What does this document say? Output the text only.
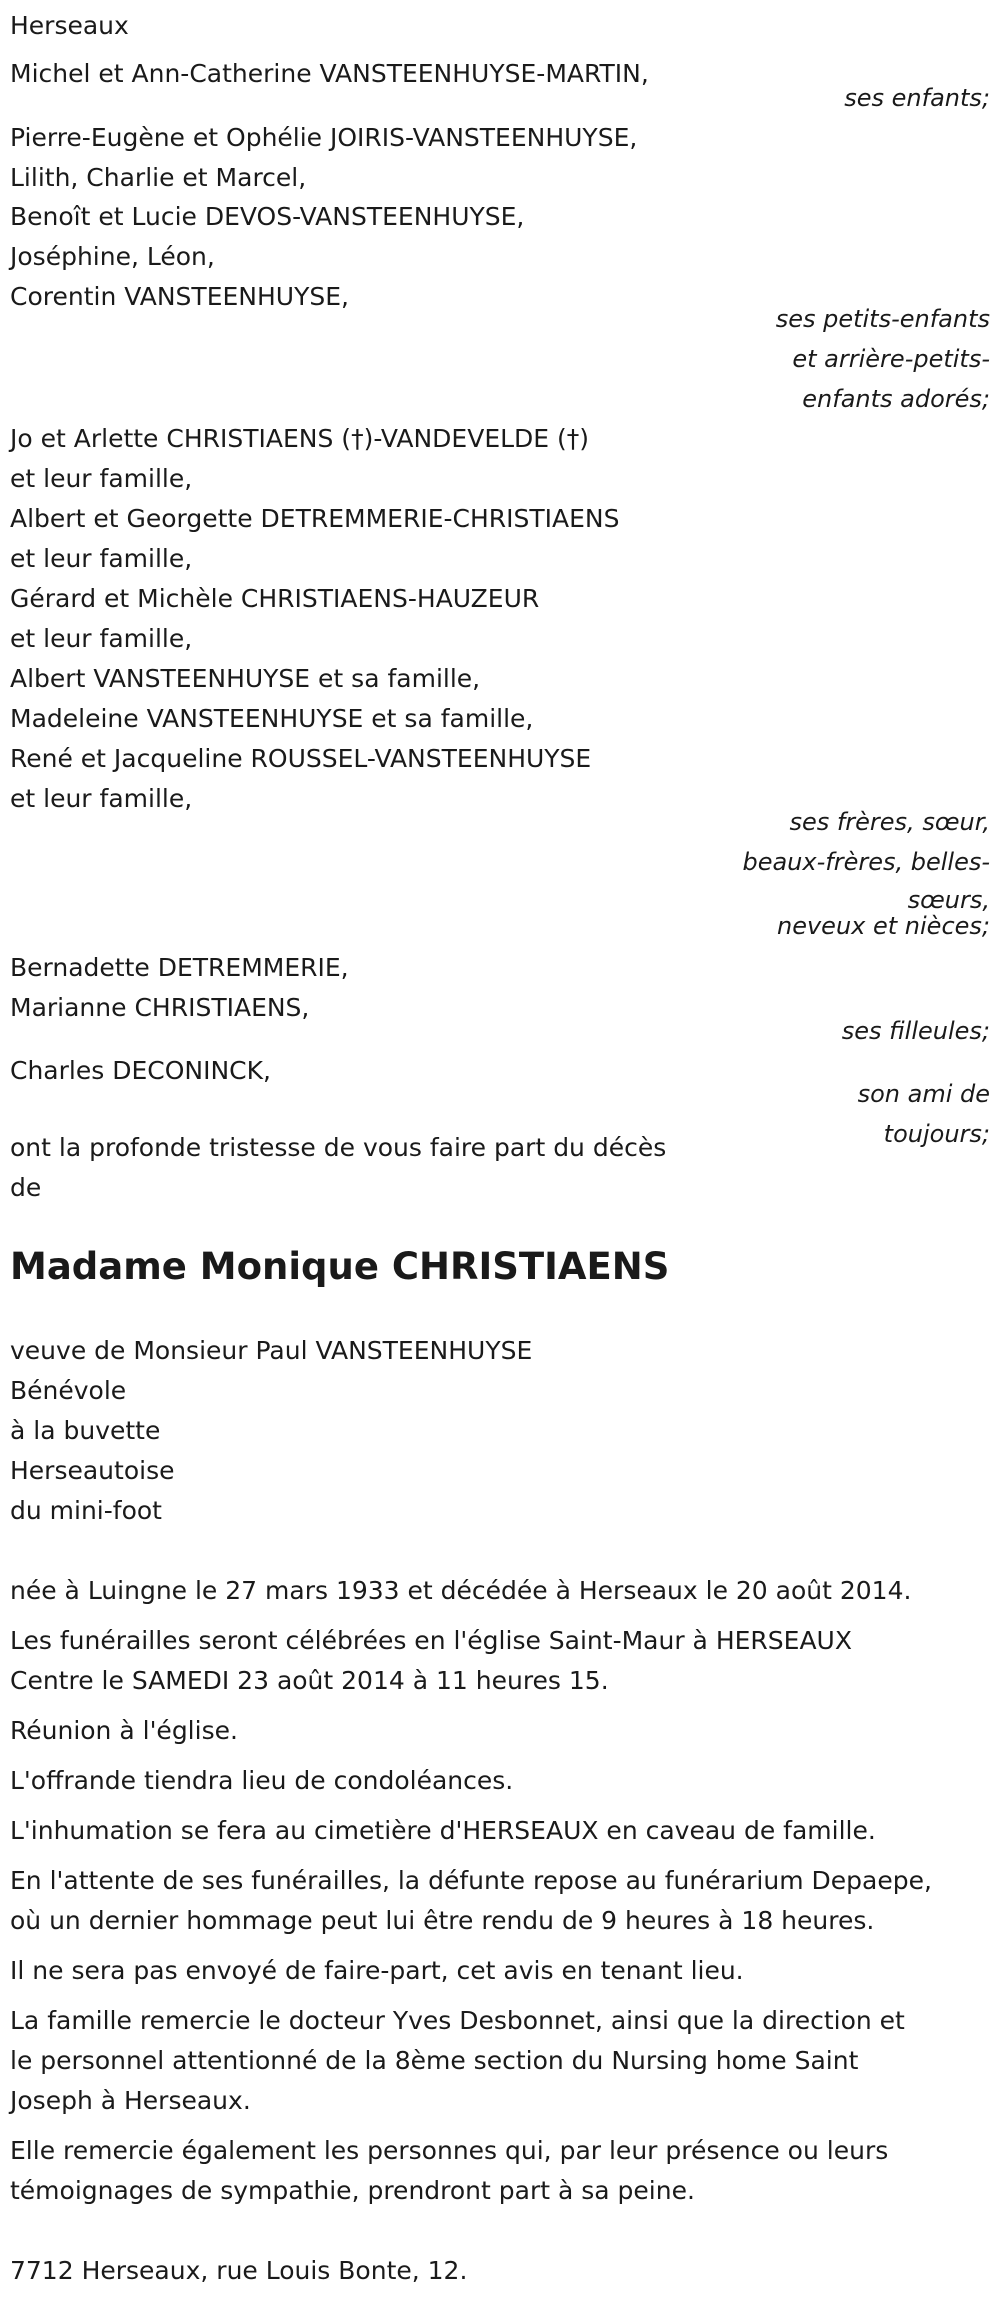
Herseaux

Michel et Ann-Catherine VANSTEENHUYSE-MARTIN,

ses enfants;

Pierre-Eugène et Ophélie JOIRIS-VANSTEENHUYSE,

Lilith, Charlie et Marcel,

Benoît et Lucie DEVOS-VANSTEENHUYSE,

Joséphine, Léon,

Corentin VANSTEENHUYSE,

ses petits-enfants

et arrière-petits-

enfants adorés;

Jo et Arlette CHRISTIAENS (†)-VANDEVELDE (†)

et leur famille,

Albert et Georgette DETREMMERIE-CHRISTIAENS

et leur famille,

Gérard et Michèle CHRISTIAENS-HAUZEUR

et leur famille,

Albert VANSTEENHUYSE et sa famille,

Madeleine VANSTEENHUYSE et sa famille,

René et Jacqueline ROUSSEL-VANSTEENHUYSE

et leur famille,

ses frères, sœur,

beaux-frères, belles-

sœurs,

neveux et nièces;

Bernadette DETREMMERIE,

Marianne CHRISTIAENS,

ses filleules;

Charles DECONINCK,

son ami de

toujours;

ont la profonde tristesse de vous faire part du décès

de

Madame Monique CHRISTIAENS

veuve de Monsieur Paul VANSTEENHUYSE

Bénévole

à la buvette

Herseautoise

du mini-foot

née à Luingne le 27 mars 1933 et décédée à Herseaux le 20 août 2014.

Les funérailles seront célébrées en l'église Saint-Maur à HERSEAUX

Centre le SAMEDI 23 août 2014 à 11 heures 15.

Réunion à l'église.

L'offrande tiendra lieu de condoléances.

L'inhumation se fera au cimetière d'HERSEAUX en caveau de famille.

En l'attente de ses funérailles, la défunte repose au funérarium Depaepe,

où un dernier hommage peut lui être rendu de 9 heures à 18 heures.

Il ne sera pas envoyé de faire-part, cet avis en tenant lieu.

La famille remercie le docteur Yves Desbonnet, ainsi que la direction et

le personnel attentionné de la 8ème section du Nursing home Saint

Joseph à Herseaux.

Elle remercie également les personnes qui, par leur présence ou leurs

témoignages de sympathie, prendront part à sa peine.

7712 Herseaux, rue Louis Bonte, 12.
